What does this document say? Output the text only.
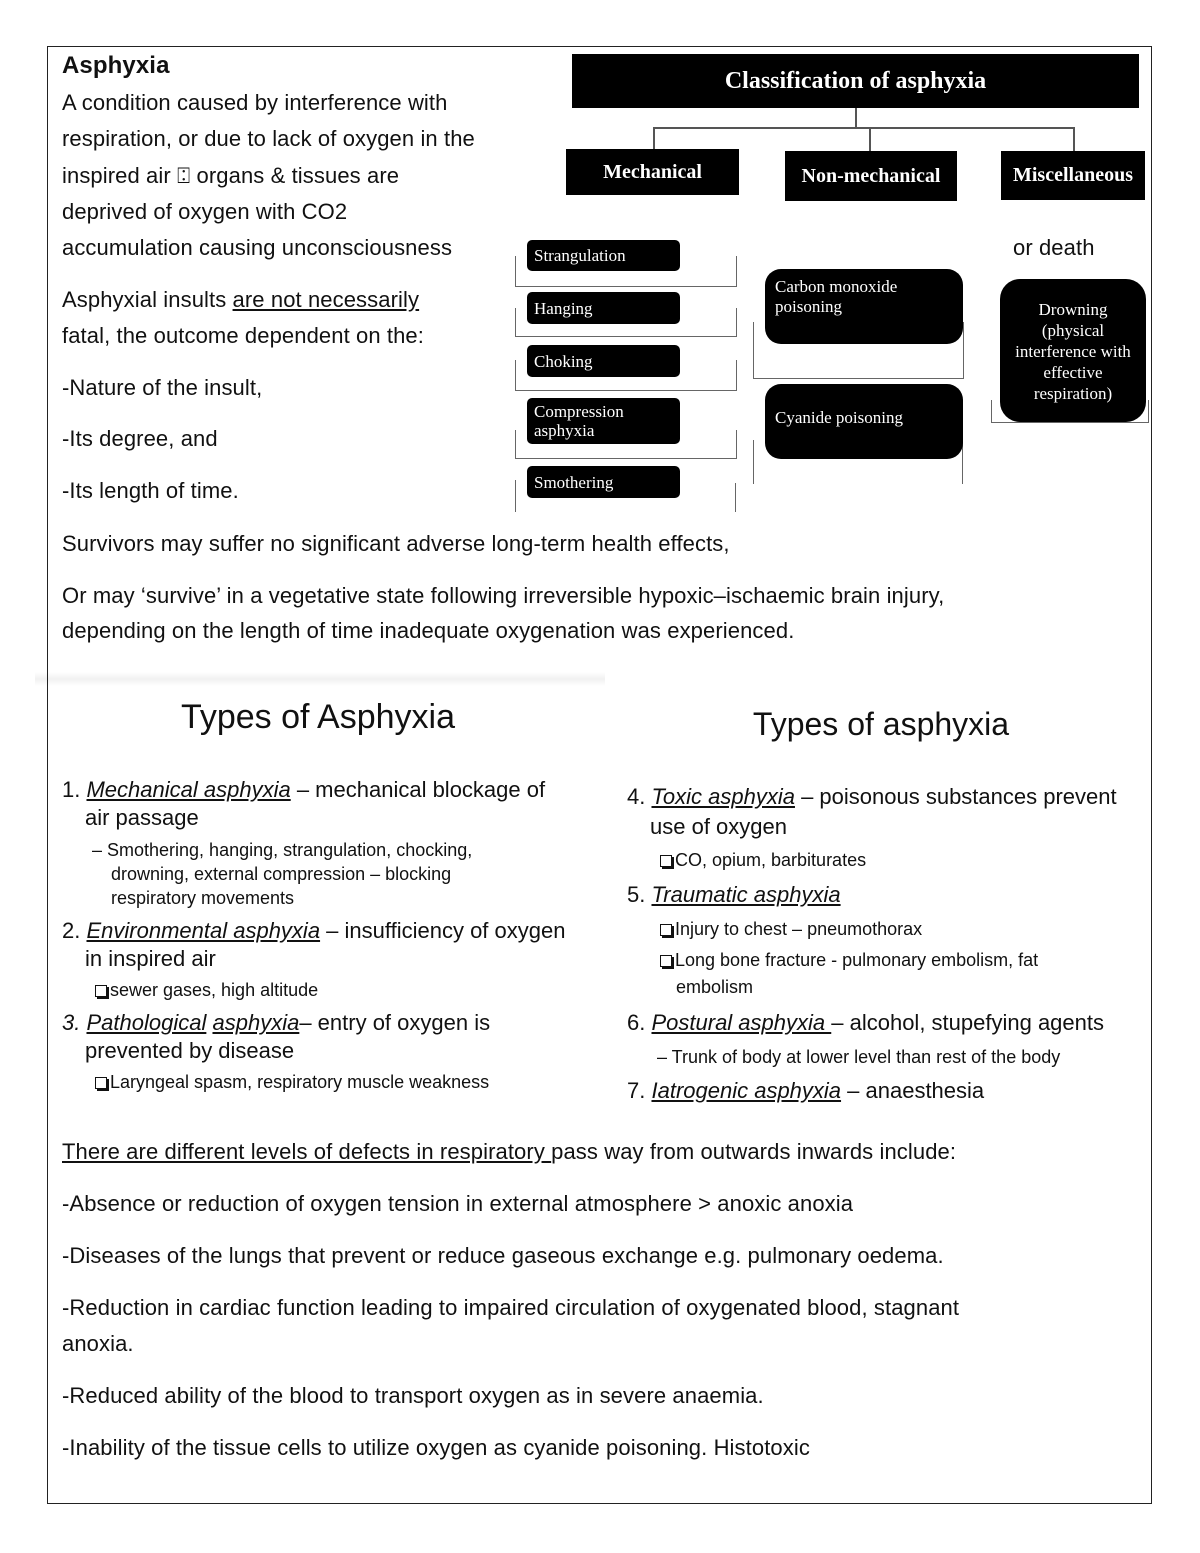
Asphyxia
A condition caused by interference with
respiration, or due to lack of oxygen in the
inspired air ⍠ organs & tissues are
deprived of oxygen with CO2
accumulation causing unconsciousness	or death
Asphyxial insults are not necessarily
fatal, the outcome dependent on the:
-Nature of the insult,
-Its degree, and
-Its length of time.
Survivors may suffer no significant adverse long-term health effects,
Or may ‘survive’ in a vegetative state following irreversible hypoxic–ischaemic brain injury,
depending on the length of time inadequate oxygenation was experienced.
Classification of asphyxia
Mechanical	Non-mechanical	Miscellaneous
Strangulation
Hanging
Choking
Compression asphyxia
Smothering
Carbon monoxide poisoning
Cyanide poisoning
Drowning (physical interference with effective respiration)
Types of Asphyxia
1. Mechanical asphyxia – mechanical blockage of
air passage
– Smothering, hanging, strangulation, chocking,
drowning, external compression – blocking
respiratory movements
2. Environmental asphyxia – insufficiency of oxygen
in inspired air
sewer gases, high altitude
3. Pathological asphyxia– entry of oxygen is
prevented by disease
Laryngeal spasm, respiratory muscle weakness
Types of asphyxia
4. Toxic asphyxia – poisonous substances prevent
use of oxygen
CO, opium, barbiturates
5. Traumatic asphyxia
Injury to chest – pneumothorax
Long bone fracture - pulmonary embolism, fat
embolism
6. Postural asphyxia – alcohol, stupefying agents
– Trunk of body at lower level than rest of the body
7. Iatrogenic asphyxia – anaesthesia
There are different levels of defects in respiratory pass way from outwards inwards include:
-Absence or reduction of oxygen tension in external atmosphere > anoxic anoxia
-Diseases of the lungs that prevent or reduce gaseous exchange e.g. pulmonary oedema.
-Reduction in cardiac function leading to impaired circulation of oxygenated blood, stagnant
anoxia.
-Reduced ability of the blood to transport oxygen as in severe anaemia.
-Inability of the tissue cells to utilize oxygen as cyanide poisoning. Histotoxic
